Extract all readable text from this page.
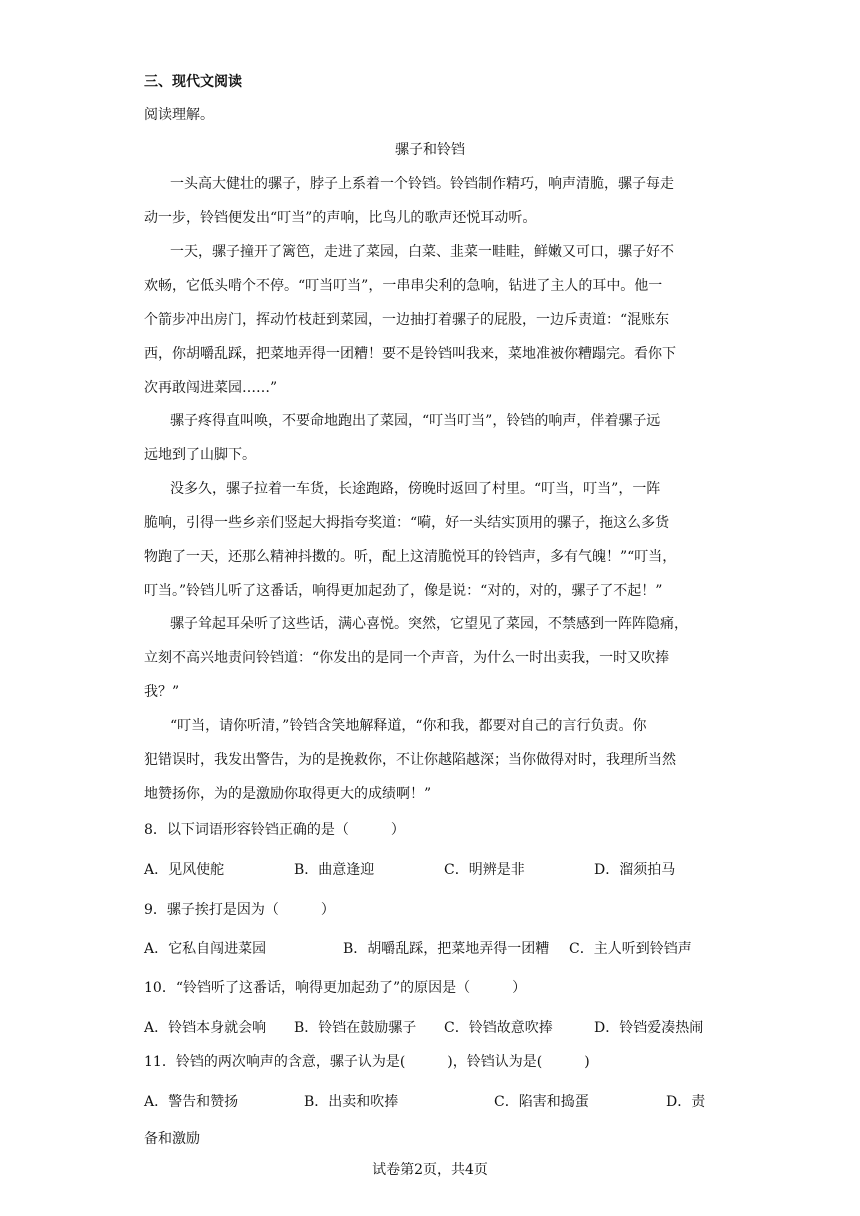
三、现代文阅读
阅读理解。
骡子和铃铛
一头高大健壮的骡子，脖子上系着一个铃铛。铃铛制作精巧，响声清脆，骡子每走
动一步，铃铛便发出“叮当”的声响，比鸟儿的歌声还悦耳动听。
一天，骡子撞开了篱笆，走进了菜园，白菜、韭菜一畦畦，鲜嫩又可口，骡子好不
欢畅，它低头啃个不停。“叮当叮当”，一串串尖利的急响，钻进了主人的耳中。他一
个箭步冲出房门，挥动竹枝赶到菜园，一边抽打着骡子的屁股，一边斥责道：“混账东
西，你胡嚼乱踩，把菜地弄得一团糟！要不是铃铛叫我来，菜地准被你糟蹋完。看你下
次再敢闯进菜园……”
骡子疼得直叫唤，不要命地跑出了菜园，“叮当叮当”，铃铛的响声，伴着骡子远
远地到了山脚下。
没多久，骡子拉着一车货，长途跑路，傍晚时返回了村里。“叮当，叮当”，一阵
脆响，引得一些乡亲们竖起大拇指夸奖道：“嗬，好一头结实顶用的骡子，拖这么多货
物跑了一天，还那么精神抖擞的。听，配上这清脆悦耳的铃铛声，多有气魄！”“叮当，
叮当。”铃铛儿听了这番话，响得更加起劲了，像是说：“对的，对的，骡子了不起！”
骡子耸起耳朵听了这些话，满心喜悦。突然，它望见了菜园，不禁感到一阵阵隐痛，
立刻不高兴地责问铃铛道：“你发出的是同一个声音，为什么一时出卖我，一时又吹捧
我？”
“叮当，请你听清，”铃铛含笑地解释道，“你和我，都要对自己的言行负责。你
犯错误时，我发出警告，为的是挽救你，不让你越陷越深；当你做得对时，我理所当然
地赞扬你，为的是激励你取得更大的成绩啊！”
8．以下词语形容铃铛正确的是（　　　）
A．见风使舵	B．曲意逢迎	C．明辨是非	D．溜须拍马
9．骡子挨打是因为（　　　）
A．它私自闯进菜园	B．胡嚼乱踩，把菜地弄得一团糟 C．主人听到铃铛声
10．“铃铛听了这番话，响得更加起劲了”的原因是（　　　）
A．铃铛本身就会响 B．铃铛在鼓励骡子 C．铃铛故意吹捧	D．铃铛爱凑热闹
11．铃铛的两次响声的含意，骡子认为是(　　　)，铃铛认为是(　　　)
A．警告和赞扬	B．出卖和吹捧	C．陷害和捣蛋	D．责
备和激励
试卷第2页，共4页
